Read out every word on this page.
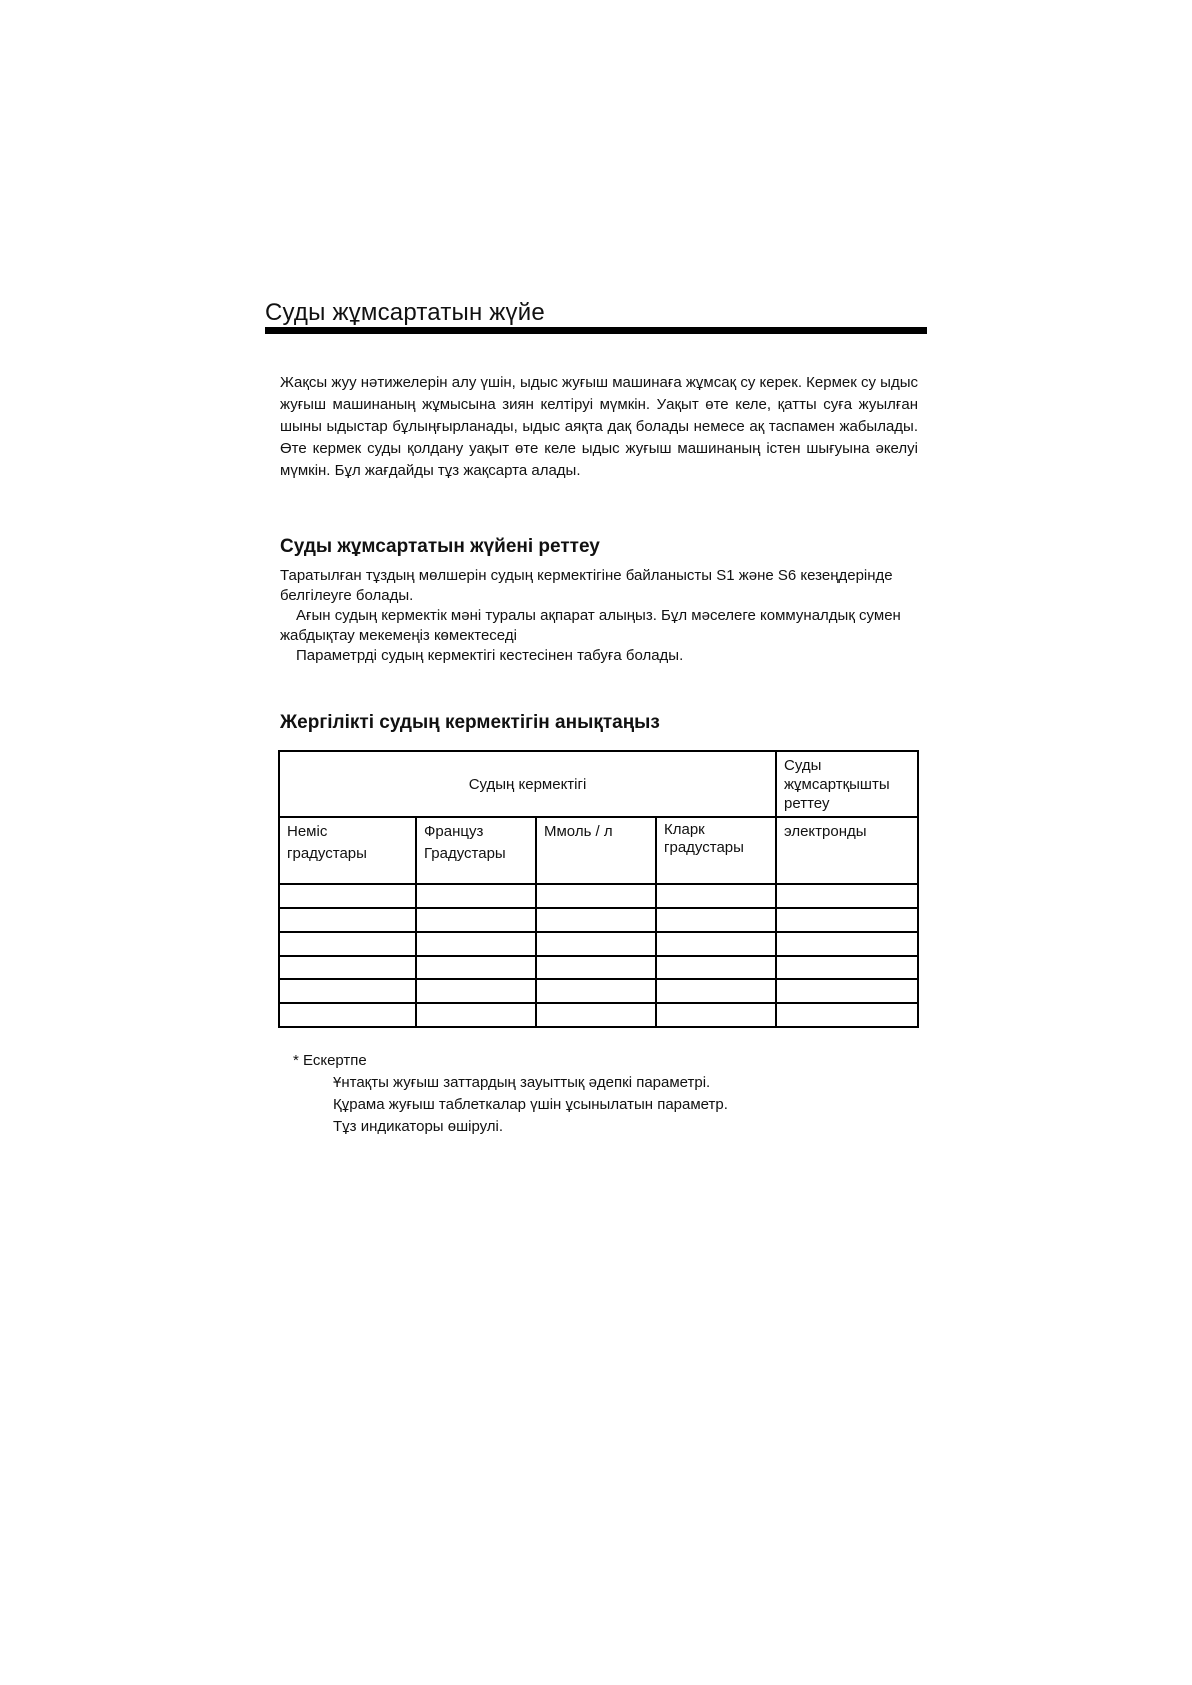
Суды жұмсартатын жүйе

Жақсы жуу нәтижелерін алу үшін, ыдыс жуғыш машинаға жұмсақ су керек. Кермек су ыдыс жуғыш машинаның жұмысына зиян келтіруі мүмкін. Уақыт өте келе, қатты суға жуылған шыны ыдыстар бұлыңғырланады, ыдыс аяқта дақ болады немесе ақ таспамен жабылады. Өте кермек суды қолдану уақыт өте келе ыдыс жуғыш машинаның істен шығуына әкелуі мүмкін. Бұл жағдайды тұз жақсарта алады.

Суды жұмсартатын жүйені реттеу

Таратылған тұздың мөлшерін судың кермектігіне байланысты S1 және S6 кезеңдерінде белгілеуге болады.

Ағын судың кермектік мәні туралы ақпарат алыңыз. Бұл мәселеге коммуналдық сумен жабдықтау мекемеңіз көмектеседі

Параметрді судың кермектігі кестесінен табуға болады.

Жергілікті судың кермектігін анықтаңыз
Судың кермектігі				Суды жұмсартқышты реттеу
Неміс градустары	Француз Градустары	Ммоль / л	Кларк градустары	электронды

* Ескертпе

Ұнтақты жуғыш заттардың зауыттық әдепкі параметрі.

Құрама жуғыш таблеткалар үшін ұсынылатын параметр.

Тұз индикаторы өшірулі.
